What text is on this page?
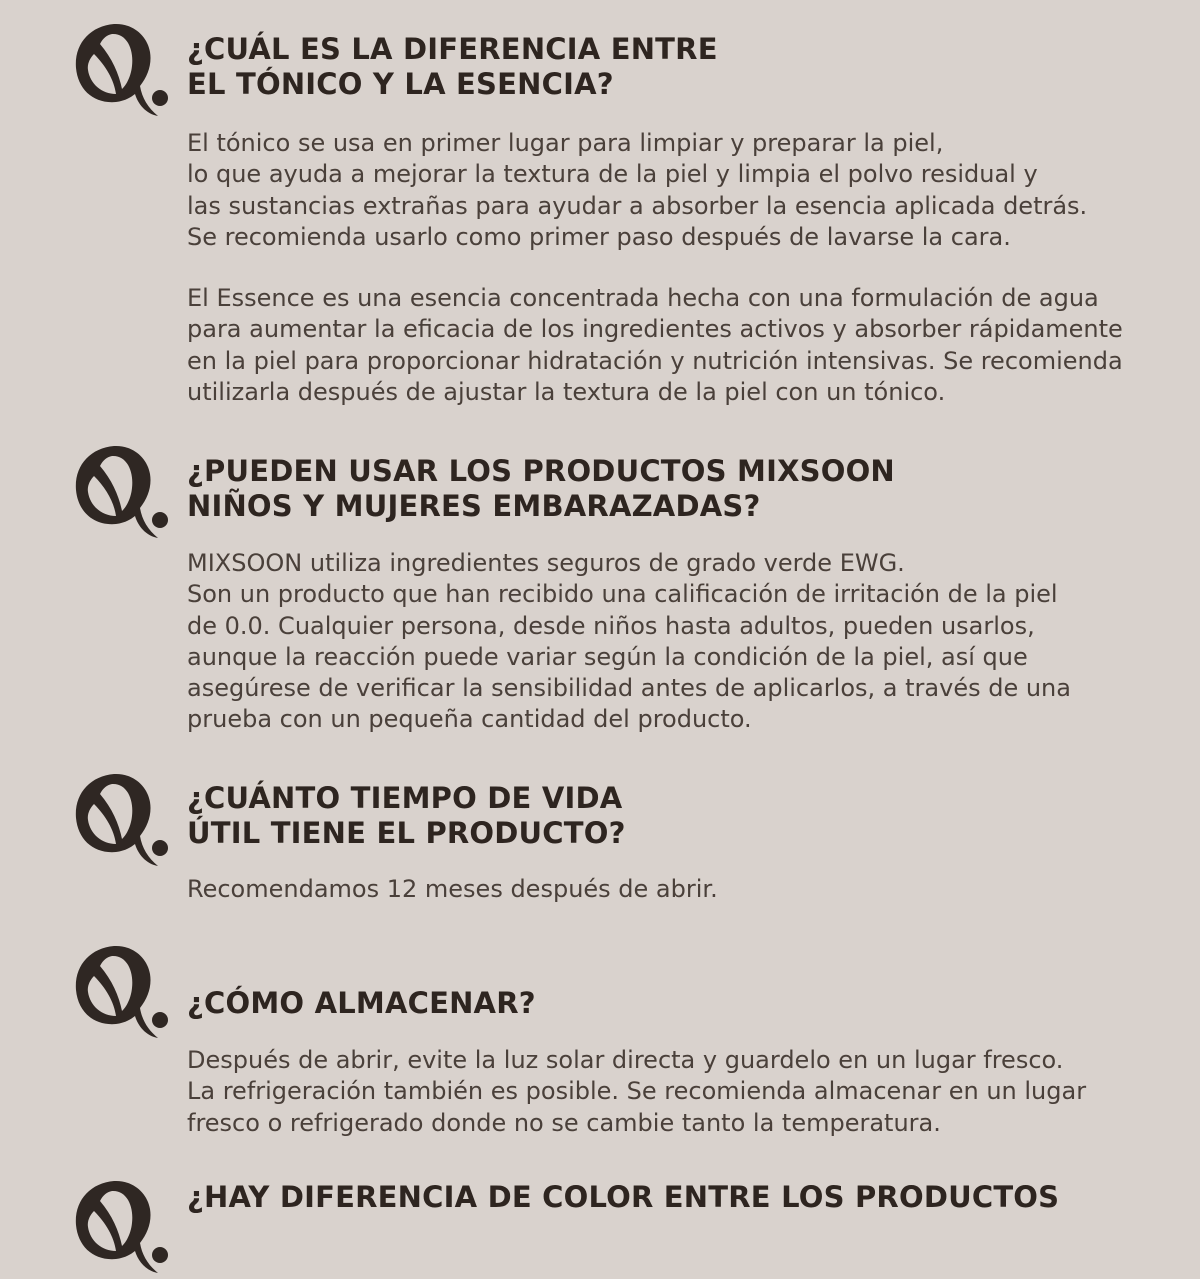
¿CUÁL ES LA DIFERENCIA ENTRE
EL TÓNICO Y LA ESENCIA?
El tónico se usa en primer lugar para limpiar y preparar la piel,
lo que ayuda a mejorar la textura de la piel y limpia el polvo residual y
las sustancias extrañas para ayudar a absorber la esencia aplicada detrás.
Se recomienda usarlo como primer paso después de lavarse la cara.
El Essence es una esencia concentrada hecha con una formulación de agua
para aumentar la eficacia de los ingredientes activos y absorber rápidamente
en la piel para proporcionar hidratación y nutrición intensivas. Se recomienda
utilizarla después de ajustar la textura de la piel con un tónico.
¿PUEDEN USAR LOS PRODUCTOS MIXSOON
NIÑOS Y MUJERES EMBARAZADAS?
MIXSOON utiliza ingredientes seguros de grado verde EWG.
Son un producto que han recibido una calificación de irritación de la piel
de 0.0. Cualquier persona, desde niños hasta adultos, pueden usarlos,
aunque la reacción puede variar según la condición de la piel, así que
asegúrese de verificar la sensibilidad antes de aplicarlos, a través de una
prueba con un pequeña cantidad del producto.
¿CUÁNTO TIEMPO DE VIDA
ÚTIL TIENE EL PRODUCTO?
Recomendamos 12 meses después de abrir.
¿CÓMO ALMACENAR?
Después de abrir, evite la luz solar directa y guardelo en un lugar fresco.
La refrigeración también es posible. Se recomienda almacenar en un lugar
fresco o refrigerado donde no se cambie tanto la temperatura.
¿HAY DIFERENCIA DE COLOR ENTRE LOS PRODUCTOS
